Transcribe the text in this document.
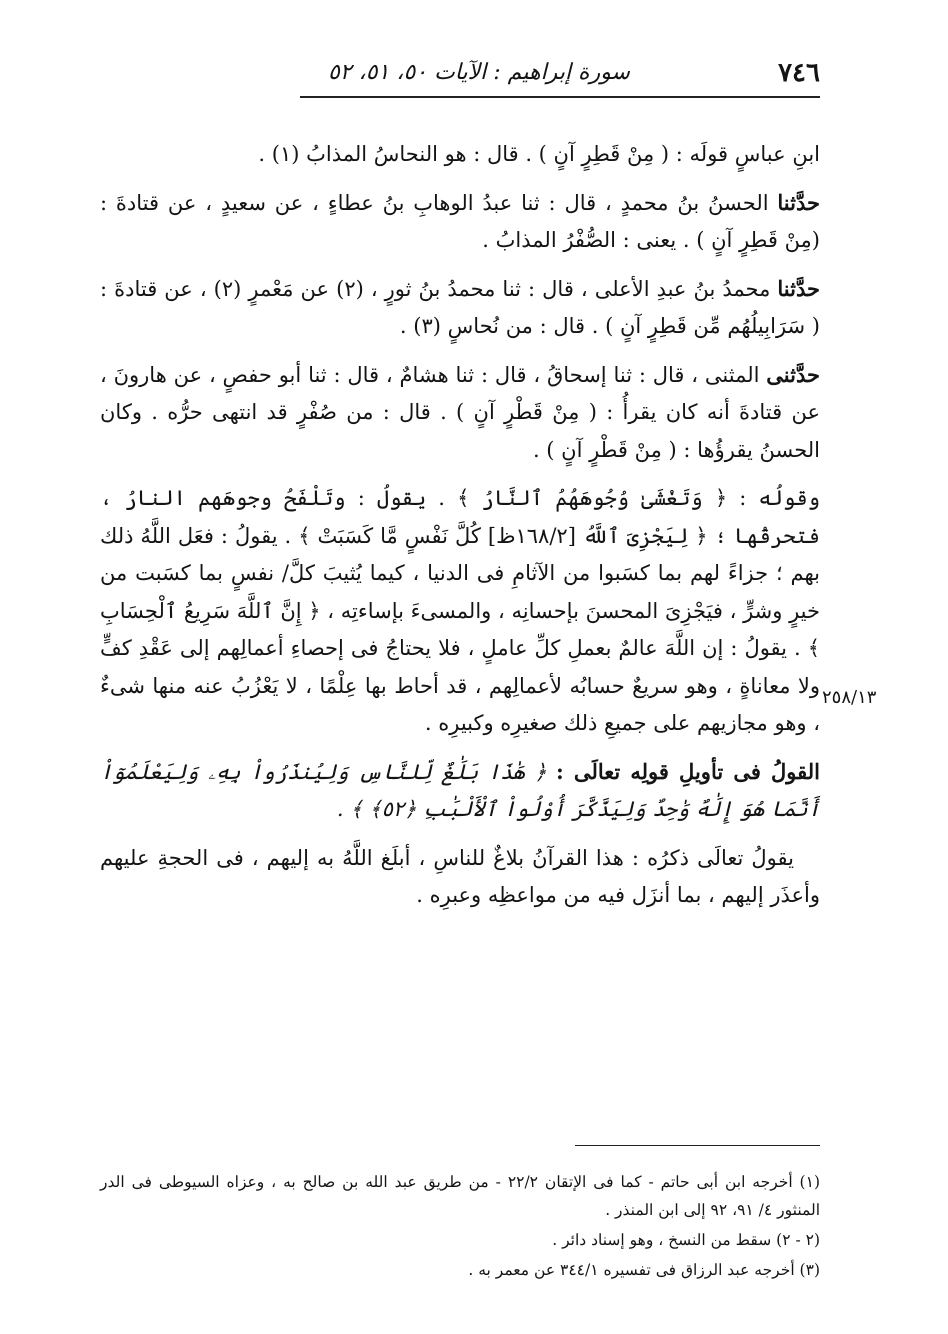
٧٤٦
سورة إبراهيم : الآيات ٥٠، ٥١، ٥٢

ابنِ عباسٍ قولَه : ( مِنْ قَطِرٍ آنٍ ) . قال : هو النحاسُ المذابُ (١) .

حدَّثنا الحسنُ بنُ محمدٍ ، قال : ثنا عبدُ الوهابِ بنُ عطاءٍ ، عن سعيدٍ ، عن قتادةَ : (مِنْ قَطِرٍ آنٍ ) . يعنى : الصُّفْرُ المذابُ .

حدَّثنا محمدُ بنُ عبدِ الأعلى ، قال : ثنا محمدُ بنُ ثورٍ ، (٢) عن مَعْمرٍ (٢) ، عن قتادةَ : ( سَرَابِيلُهُم مِّن قَطِرٍ آنٍ ) . قال : من نُحاسٍ (٣) .

حدَّثنى المثنى ، قال : ثنا إسحاقُ ، قال : ثنا هشامٌ ، قال : ثنا أبو حفصٍ ، عن هارونَ ، عن قتادةَ أنه كان يقرأُ : ( مِنْ قَطْرٍ آنٍ ) . قال : من صُفْرٍ قد انتهى حرُّه . وكان الحسنُ يقرؤُها : ( مِنْ قَطْرٍ آنٍ ) .

وقولُه : ﴿ وَتَغْشَىٰ وُجُوهَهُمُ ٱلنَّارُ ﴾ . يقولُ : وتَلْفَحُ وجوهَهم النارُ ، فتحرقُها ؛ ﴿ لِيَجْزِىَ ٱللَّهُ [١٦٨/٢ظ] كُلَّ نَفْسٍ مَّا كَسَبَتْ ﴾ . يقولُ : فعَل اللَّهُ ذلك بهم ؛ جزاءً لهم بما كسَبوا من الآثامِ فى الدنيا ، كيما يُثيبَ كلَّ/ نفسٍ بما كسَبت من خيرٍ وشرٍّ ، فيَجْزِىَ المحسنَ بإحسانِه ، والمسىءَ بإساءتِه ، ﴿ إِنَّ ٱللَّهَ سَرِيعُ ٱلْحِسَابِ ﴾ . يقولُ : إن اللَّهَ عالمٌ بعملِ كلِّ عاملٍ ، فلا يحتاجُ فى إحصاءِ أعمالِهم إلى عَقْدِ كفٍّ ولا معاناةٍ ، وهو سريعٌ حسابُه لأعمالِهم ، قد أحاط بها عِلْمًا ، لا يَعْزُبُ عنه منها شىءٌ ، وهو مجازيهم على جميعِ ذلك صغيرِه وكبيرِه .

القولُ فى تأويلِ قولِه تعالَى : ﴿ هَٰذَا بَلَٰغٌ لِّلنَّاسِ وَلِيُنذَرُواْ بِهِۦ وَلِيَعْلَمُوٓاْ أَنَّمَا هُوَ إِلَٰهٌ وَٰحِدٌ وَلِيَذَّكَّرَ أُوْلُواْ ٱلْأَلْبَٰبِ ﴿٥٢﴾ ﴾ .

يقولُ تعالَى ذكرُه : هذا القرآنُ بلاغٌ للناسِ ، أبلَغ اللَّهُ به إليهم ، فى الحجةِ عليهم وأعذَر إليهم ، بما أنزَل فيه من مواعظِه وعبرِه .

٢٥٨/١٣

(١) أخرجه ابن أبى حاتم - كما فى الإتقان ٢٢/٢ - من طريق عبد الله بن صالح به ، وعزاه السيوطى فى الدر المنثور ٤/ ٩١، ٩٢ إلى ابن المنذر .

(٢ - ٢) سقط من النسخ ، وهو إسناد دائر .

(٣) أخرجه عبد الرزاق فى تفسيره ٣٤٤/١ عن معمر به .
